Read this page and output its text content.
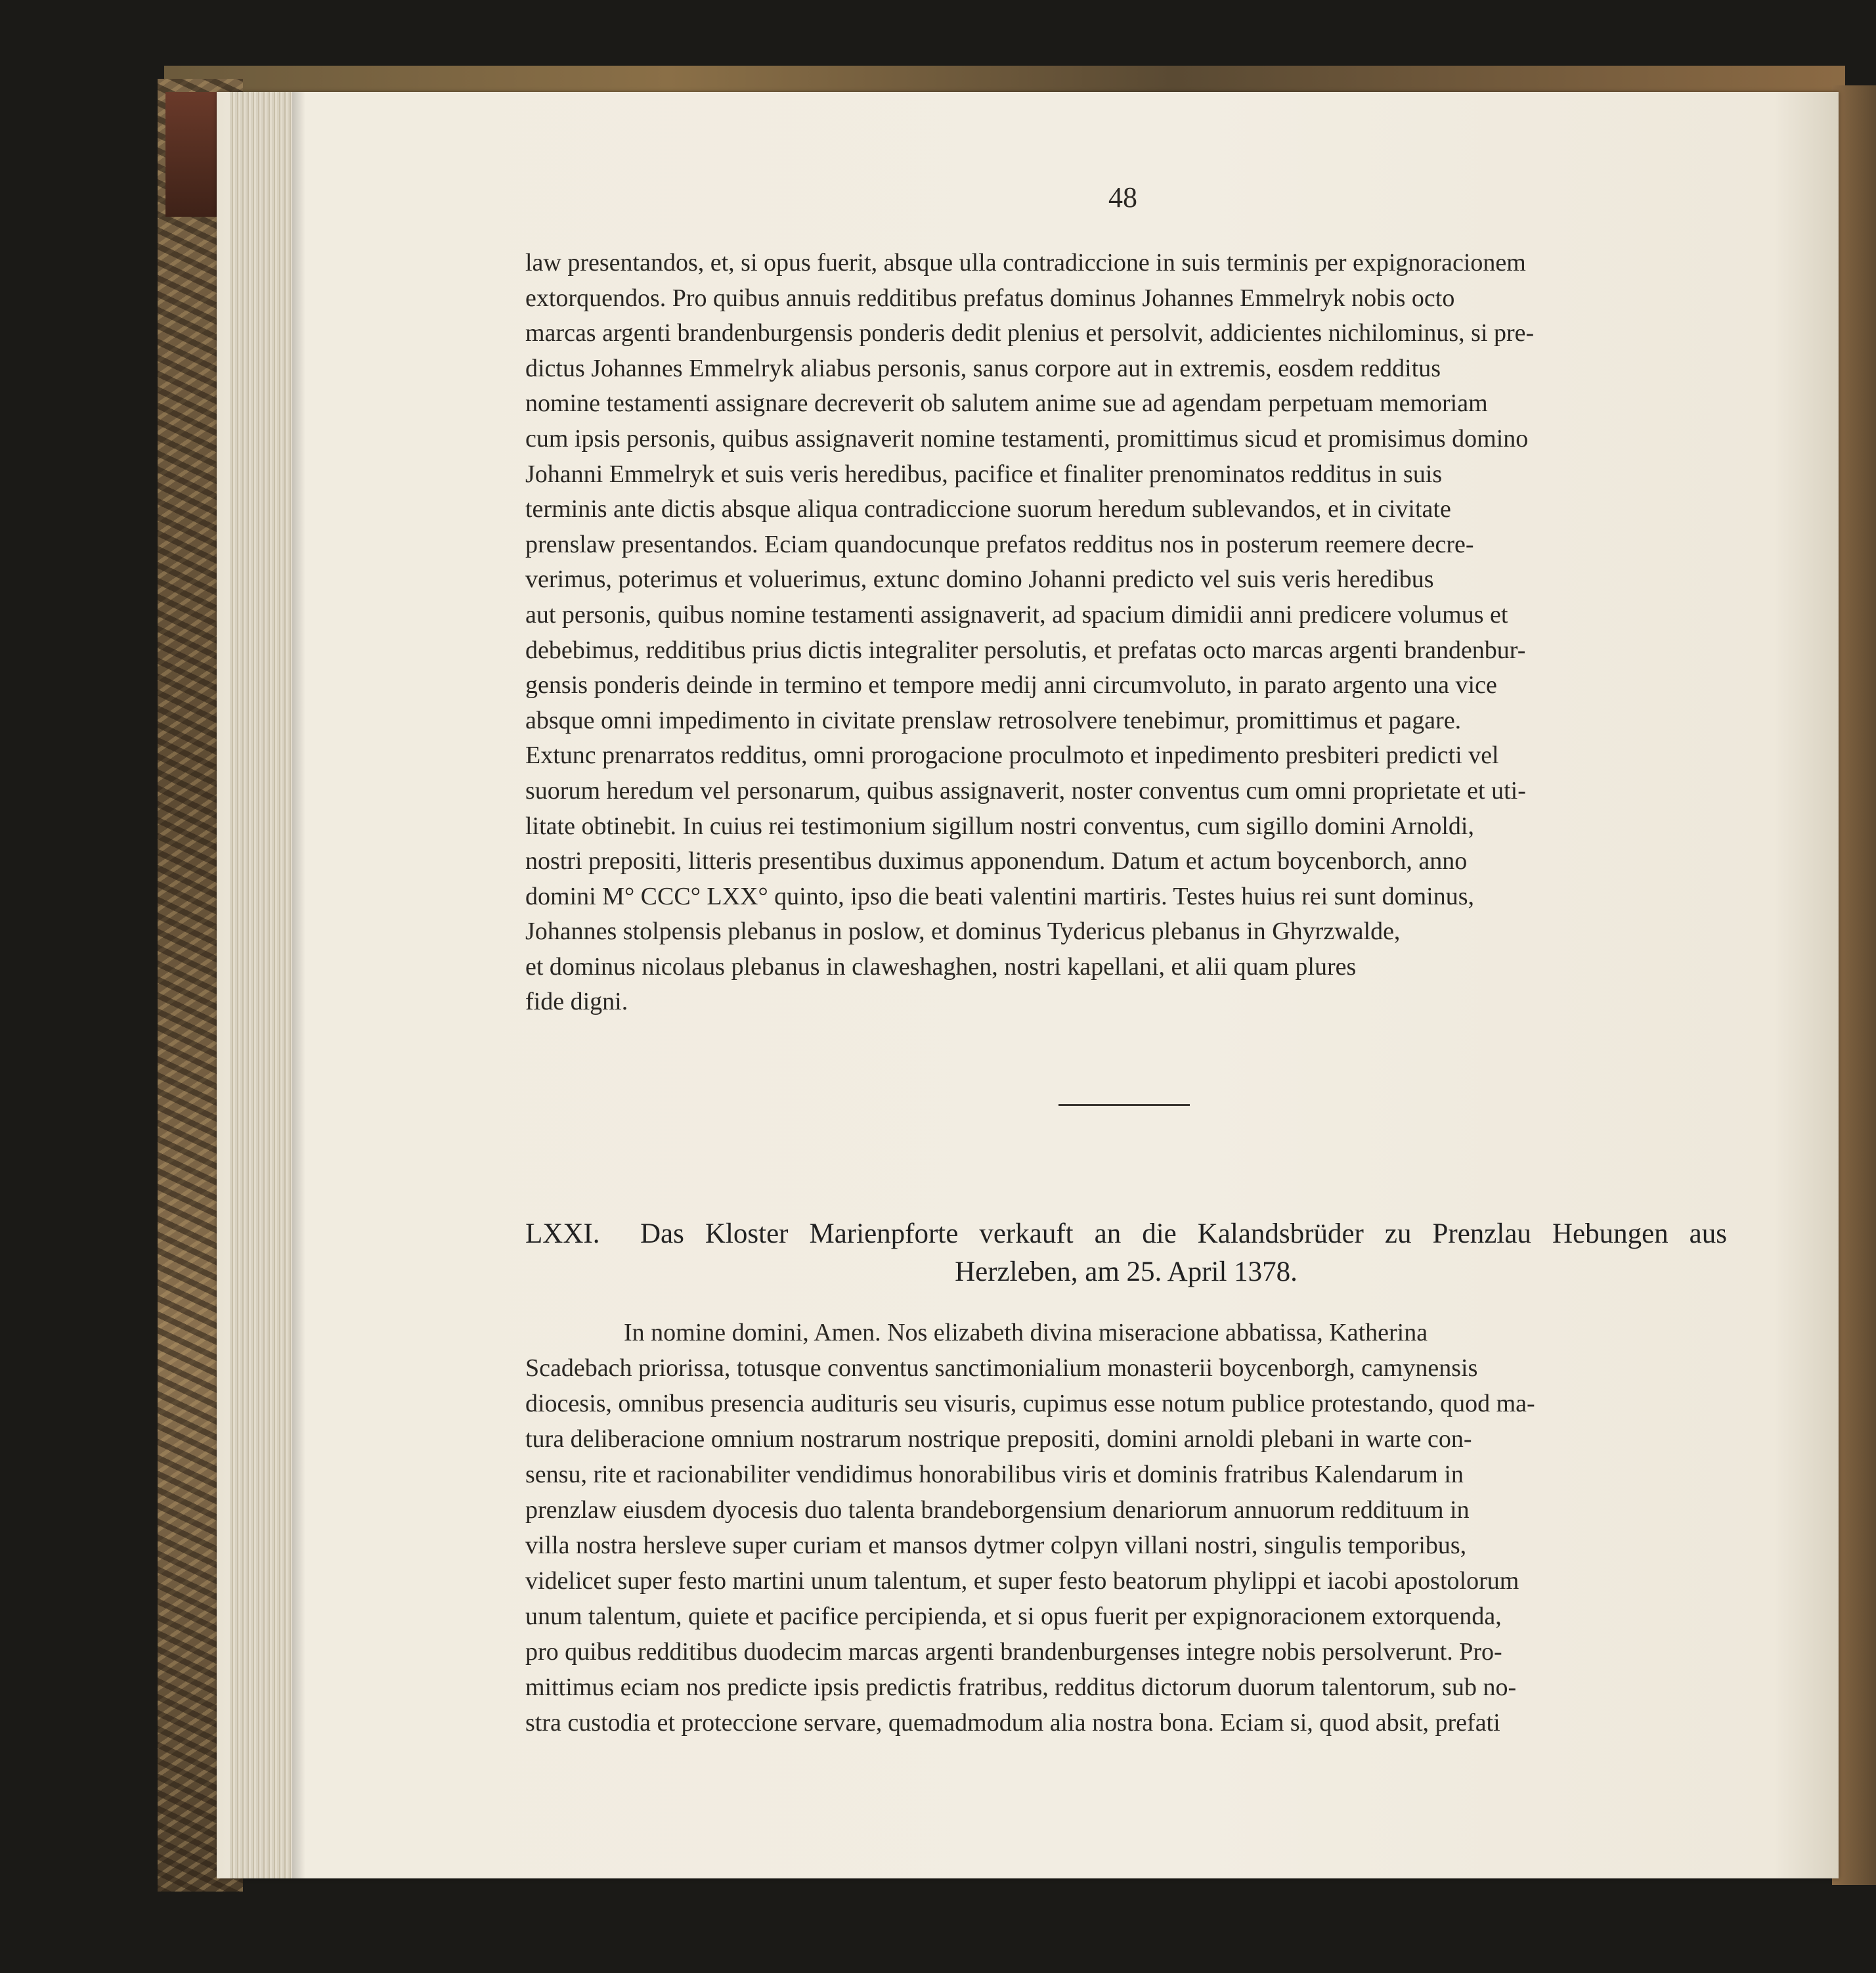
48

law presentandos, et, si opus fuerit, absque ulla contradiccione in suis terminis per expignoracionem

extorquendos. Pro quibus annuis redditibus prefatus dominus Johannes Emmelryk nobis octo

marcas argenti brandenburgensis ponderis dedit plenius et persolvit, addicientes nichilominus, si pre-

dictus Johannes Emmelryk aliabus personis, sanus corpore aut in extremis, eosdem redditus

nomine testamenti assignare decreverit ob salutem anime sue ad agendam perpetuam memoriam

cum ipsis personis, quibus assignaverit nomine testamenti, promittimus sicud et promisimus domino

Johanni Emmelryk et suis veris heredibus, pacifice et finaliter prenominatos redditus in suis

terminis ante dictis absque aliqua contradiccione suorum heredum sublevandos, et in civitate

prenslaw presentandos. Eciam quandocunque prefatos redditus nos in posterum reemere decre-

verimus, poterimus et voluerimus, extunc domino Johanni predicto vel suis veris heredibus

aut personis, quibus nomine testamenti assignaverit, ad spacium dimidii anni predicere volumus et

debebimus, redditibus prius dictis integraliter persolutis, et prefatas octo marcas argenti brandenbur-

gensis ponderis deinde in termino et tempore medij anni circumvoluto, in parato argento una vice

absque omni impedimento in civitate prenslaw retrosolvere tenebimur, promittimus et pagare.

Extunc prenarratos redditus, omni prorogacione proculmoto et inpedimento presbiteri predicti vel

suorum heredum vel personarum, quibus assignaverit, noster conventus cum omni proprietate et uti-

litate obtinebit. In cuius rei testimonium sigillum nostri conventus, cum sigillo domini Arnoldi,

nostri prepositi, litteris presentibus duximus apponendum. Datum et actum boycenborch, anno

domini M° CCC° LXX° quinto, ipso die beati valentini martiris. Testes huius rei sunt dominus,

Johannes stolpensis plebanus in poslow, et dominus Tydericus plebanus in Ghyrzwalde,

et dominus nicolaus plebanus in claweshaghen, nostri kapellani, et alii quam plures

fide digni.

LXXI. Das Kloster Marienpforte verkauft an die Kalandsbrüder zu Prenzlau Hebungen aus
Herzleben, am 25. April 1378.

In nomine domini, Amen. Nos elizabeth divina miseracione abbatissa, Katherina

Scadebach priorissa, totusque conventus sanctimonialium monasterii boycenborgh, camynensis

diocesis, omnibus presencia audituris seu visuris, cupimus esse notum publice protestando, quod ma-

tura deliberacione omnium nostrarum nostrique prepositi, domini arnoldi plebani in warte con-

sensu, rite et racionabiliter vendidimus honorabilibus viris et dominis fratribus Kalendarum in

prenzlaw eiusdem dyocesis duo talenta brandeborgensium denariorum annuorum reddituum in

villa nostra hersleve super curiam et mansos dytmer colpyn villani nostri, singulis temporibus,

videlicet super festo martini unum talentum, et super festo beatorum phylippi et iacobi apostolorum

unum talentum, quiete et pacifice percipienda, et si opus fuerit per expignoracionem extorquenda,

pro quibus redditibus duodecim marcas argenti brandenburgenses integre nobis persolverunt. Pro-

mittimus eciam nos predicte ipsis predictis fratribus, redditus dictorum duorum talentorum, sub no-

stra custodia et proteccione servare, quemadmodum alia nostra bona. Eciam si, quod absit, prefati
